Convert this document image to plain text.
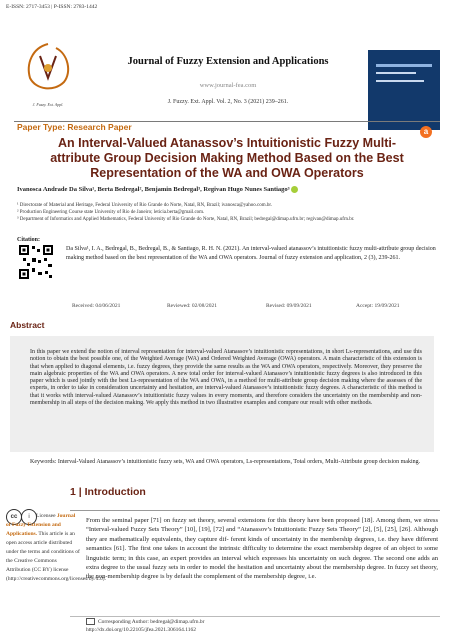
E-ISSN: 2717-3453 | P-ISSN: 2783-1442
J. Fuzzy. Ext. Appl.
Journal of Fuzzy Extension and Applications
www.journal-fea.com
J. Fuzzy. Ext. Appl. Vol. 2, No. 3 (2021) 239–261.
Paper Type: Research Paper	a
An Interval-Valued Atanassov’s Intuitionistic Fuzzy Multi-attribute Group Decision Making Method Based on the Best Representation of the WA and OWA Operators
Ivanosca Andrade Da Silva¹, Berta Bedregal², Benjamin Bedregal³, Regivan Hugo Nunes Santiago³
¹ Directorate of Material and Heritage, Federal University of Rio Grande do Norte, Natal, RN, Brazil; ivanosca@yahoo.com.br.
² Production Engineering Course state University of Rio de Janeiro; leticia.berta@gmail.com.
³ Department of Informatics and Applied Mathematics, Federal University of Rio Grande do Norte, Natal, RN, Brazil; bedregal@dimap.ufrn.br; regivan@dimap.ufrn.br.
Citation:
Da Silva¹, I. A., Bedregal, B., Bedregal, B., & Santiago, R. H. N. (2021). An interval-valued atanassov’s intuitionistic fuzzy multi-attribute group decision making method based on the best representation of the WA and OWA operators. Journal of fuzzy extension and application, 2 (3), 239-261.
Received: 04/06/2021	Reviewed: 02/08/2021	Revised: 09/09/2021	Accept: 19/09/2021
Abstract
In this paper we extend the notion of interval representation for interval-valued Atanassov’s intuitionistic representations, in short Ls-representations, and use this notion to obtain the best possible one, of the Weighted Average (WA) and Ordered Weighted Average (OWA) operators. A main characteristic of this extension is that when applied to diagonal elements, i.e. fuzzy degrees, they provide the same results as the WA and OWA operators, respectively. Moreover, they preserve the main algebraic properties of the WA and OWA operators. A new total order for interval-valued Atanassov’s intuitionistic fuzzy degrees is also introduced in this paper which is used jointly with the best Ls-representation of the WA and OWA, in a method for multi-attribute group decision making where the assesses of the experts, in order to take in consideration uncertainty and hesitation, are interval-valued Atanassov’s intuitionistic fuzzy degrees. A characteristic of this method is that it works with interval-valued Atanassov’s intuitionistic fuzzy values in every moments, and therefore considers the uncertainty on the membership and non-membership in all steps of the decision making. We apply this method in two illustrative examples and compare our result with other methods.
Keywords: Interval-Valued Atanassov’s intuitionistic fuzzy sets, WA and OWA operators, Ls-representations, Total orders, Multi-Attribute group decision making.
1 | Introduction
cc	i	Licensee Journal of Fuzzy Extension and Applications. This article is an open access article distributed under the terms and conditions of the Creative Commons Attribution (CC BY) license (http://creativecommons.org/licenses/by/4.0).
From the seminal paper [71] on fuzzy set theory, several extensions for this theory have been proposed [18]. Among them, we stress “Interval-valued Fuzzy Sets Theory” [10], [19], [72] and “Atanassov’s Intuitionistic Fuzzy Sets Theory” [2], [5], [25], [26]. Although they are mathematically equivalents, they capture dif- ferent kinds of uncertainty in the membership degrees, i.e. they have different semantics [61]. The first one takes in account the intrinsic difficulty to determine the exact membership degree of an object to some linguistic term; in this case, an expert provides an interval which expresses his uncertainty on such degree. The second one adds an extra degree to the usual fuzzy sets in order to model the hesitation and uncertainty about the membership degree. In fuzzy set theory, the non-membership degree is by default the complement of the membership degree, i.e.
Corresponding Author: bedregal@dimap.ufrn.br
http://dx.doi.org/10.22105/jfea.2021.306164.1162
